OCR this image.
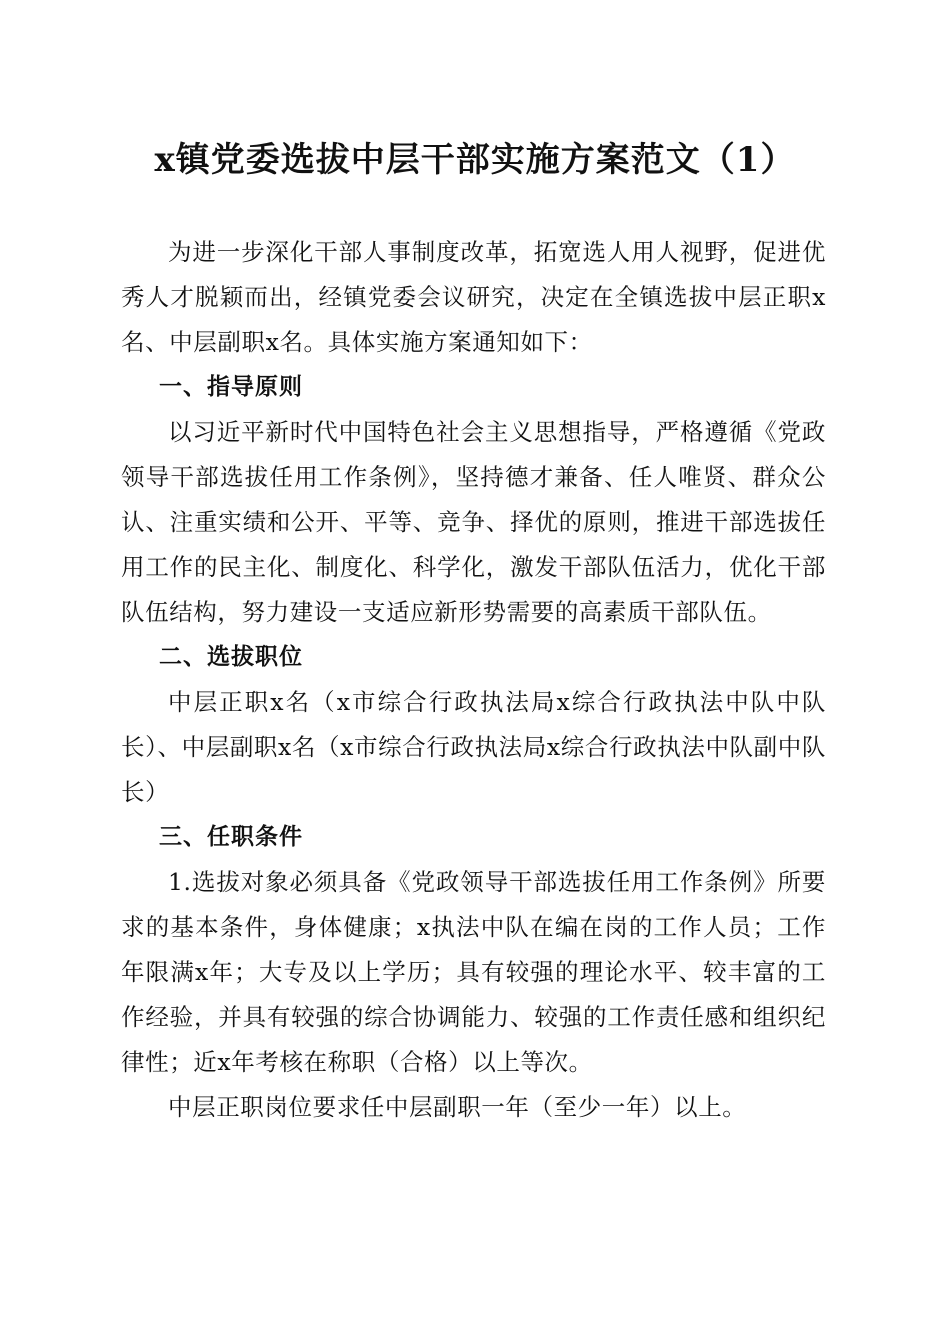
x镇党委选拔中层干部实施方案范文（1）

为进一步深化干部人事制度改革，拓宽选人用人视野，促进优秀人才脱颖而出，经镇党委会议研究，决定在全镇选拔中层正职x名、中层副职x名。具体实施方案通知如下：

一、指导原则

以习近平新时代中国特色社会主义思想指导，严格遵循《党政领导干部选拔任用工作条例》，坚持德才兼备、任人唯贤、群众公认、注重实绩和公开、平等、竞争、择优的原则，推进干部选拔任用工作的民主化、制度化、科学化，激发干部队伍活力，优化干部队伍结构，努力建设一支适应新形势需要的高素质干部队伍。

二、选拔职位

中层正职x名（x市综合行政执法局x综合行政执法中队中队长）、中层副职x名（x市综合行政执法局x综合行政执法中队副中队长）

三、任职条件

1.选拔对象必须具备《党政领导干部选拔任用工作条例》所要求的基本条件，身体健康；x执法中队在编在岗的工作人员；工作年限满x年；大专及以上学历；具有较强的理论水平、较丰富的工作经验，并具有较强的综合协调能力、较强的工作责任感和组织纪律性；近x年考核在称职（合格）以上等次。

中层正职岗位要求任中层副职一年（至少一年）以上。
